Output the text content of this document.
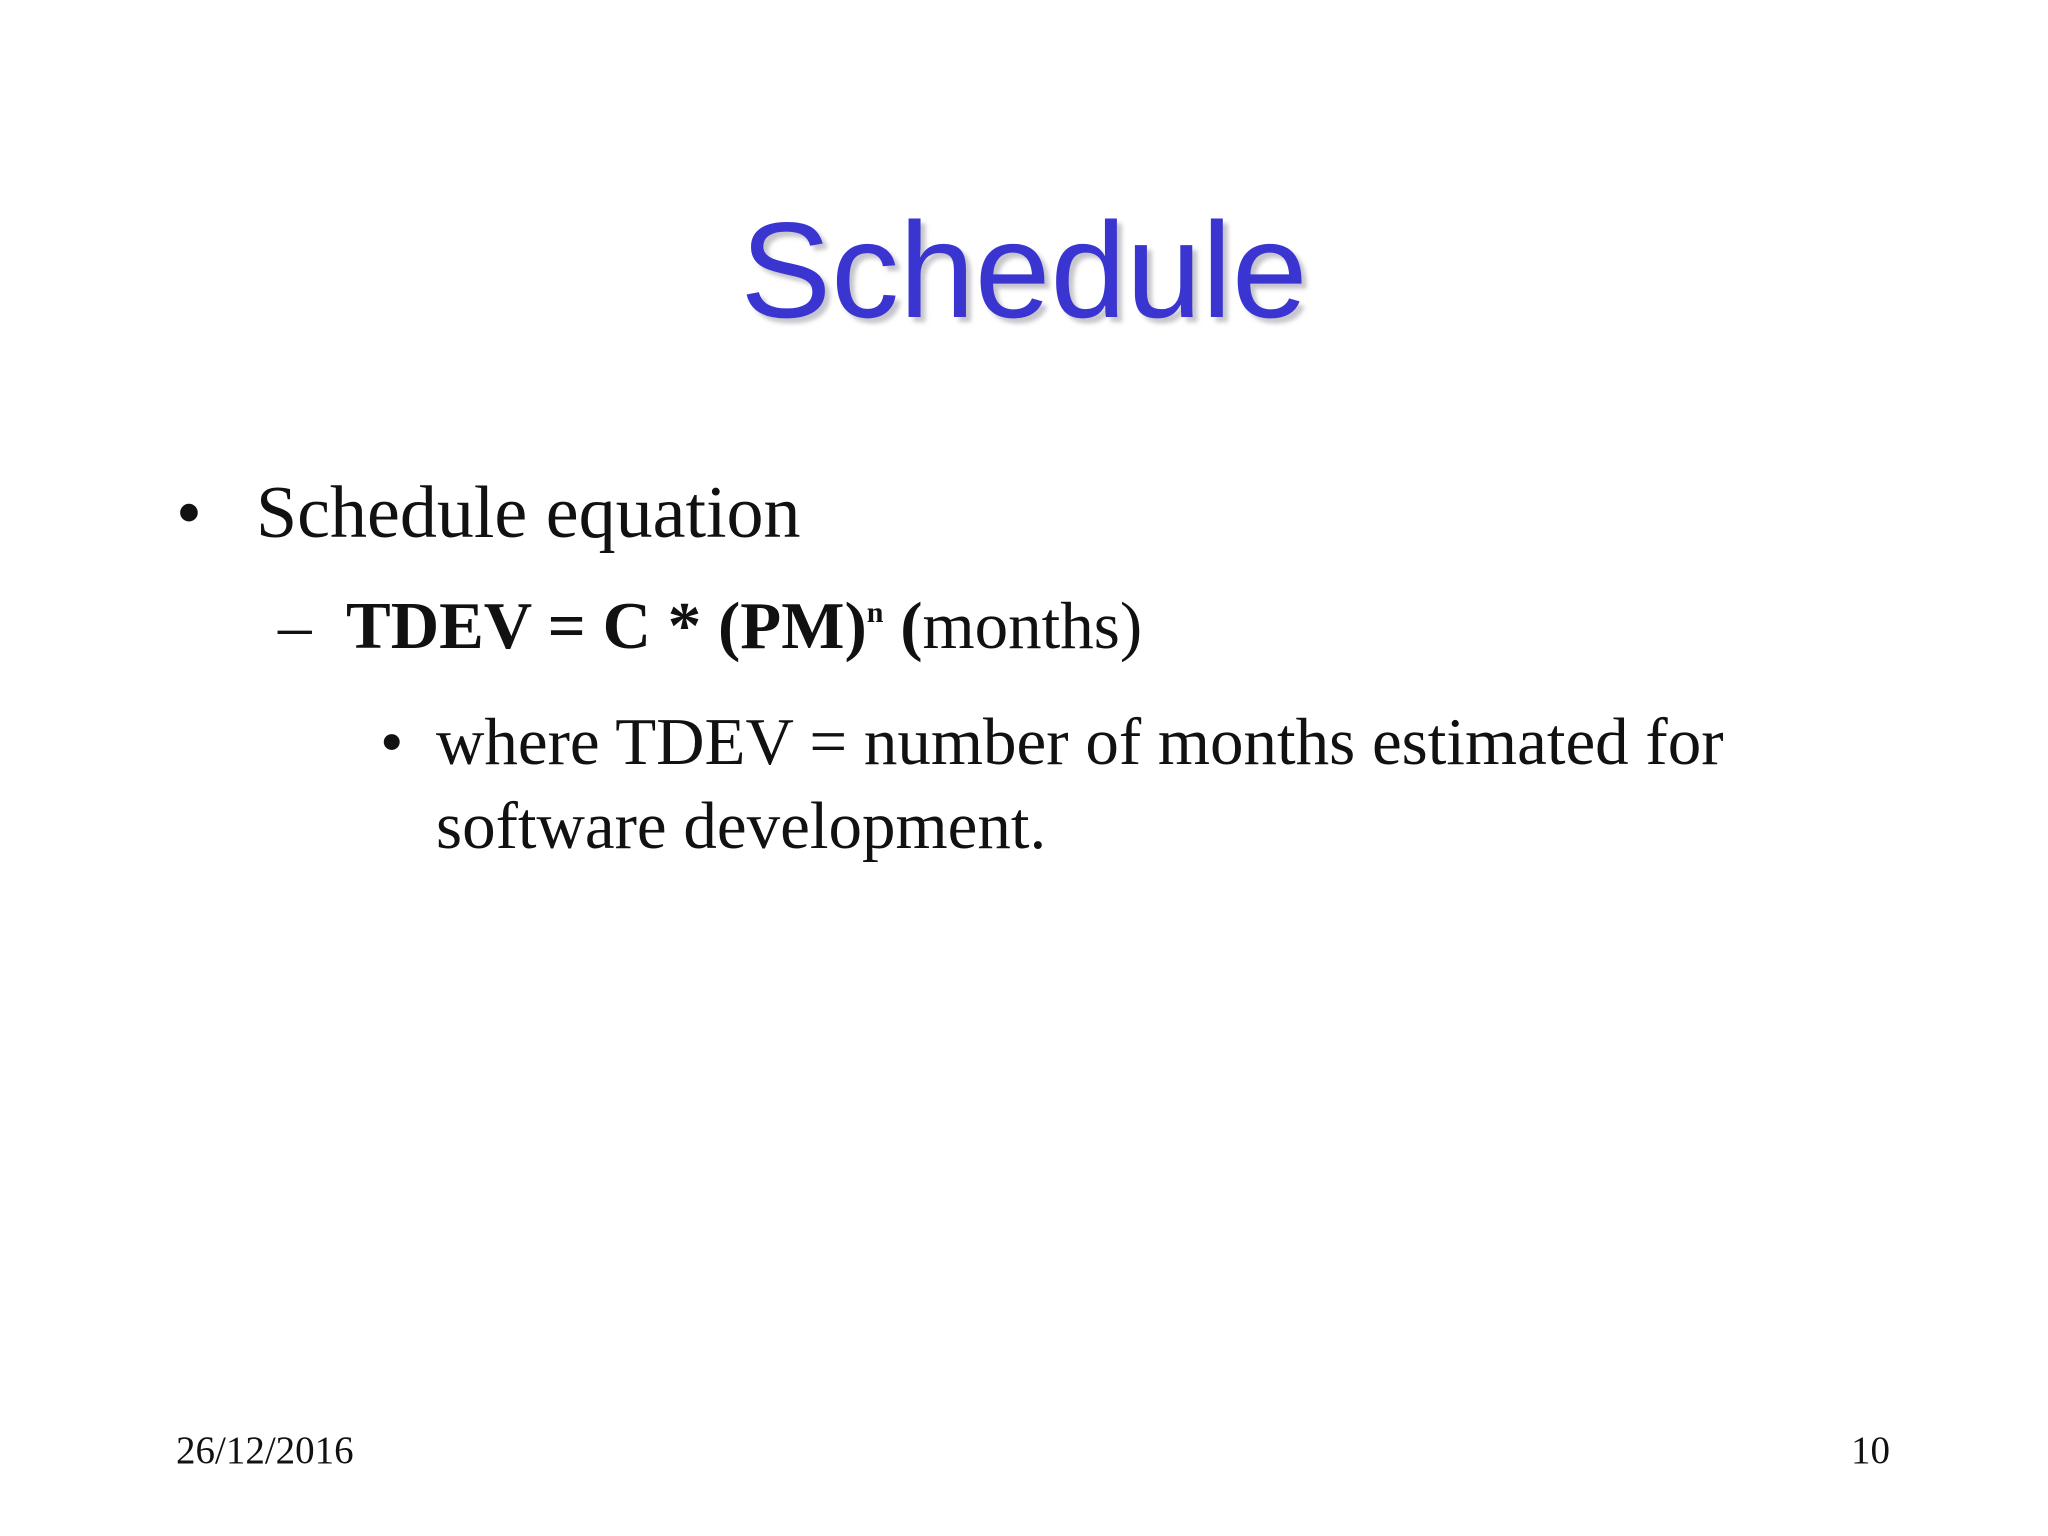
Schedule
• Schedule equation
– TDEV = C * (PM)$^n$ (months)
• where TDEV = number of months estimated for software development.
26/12/2016	10
